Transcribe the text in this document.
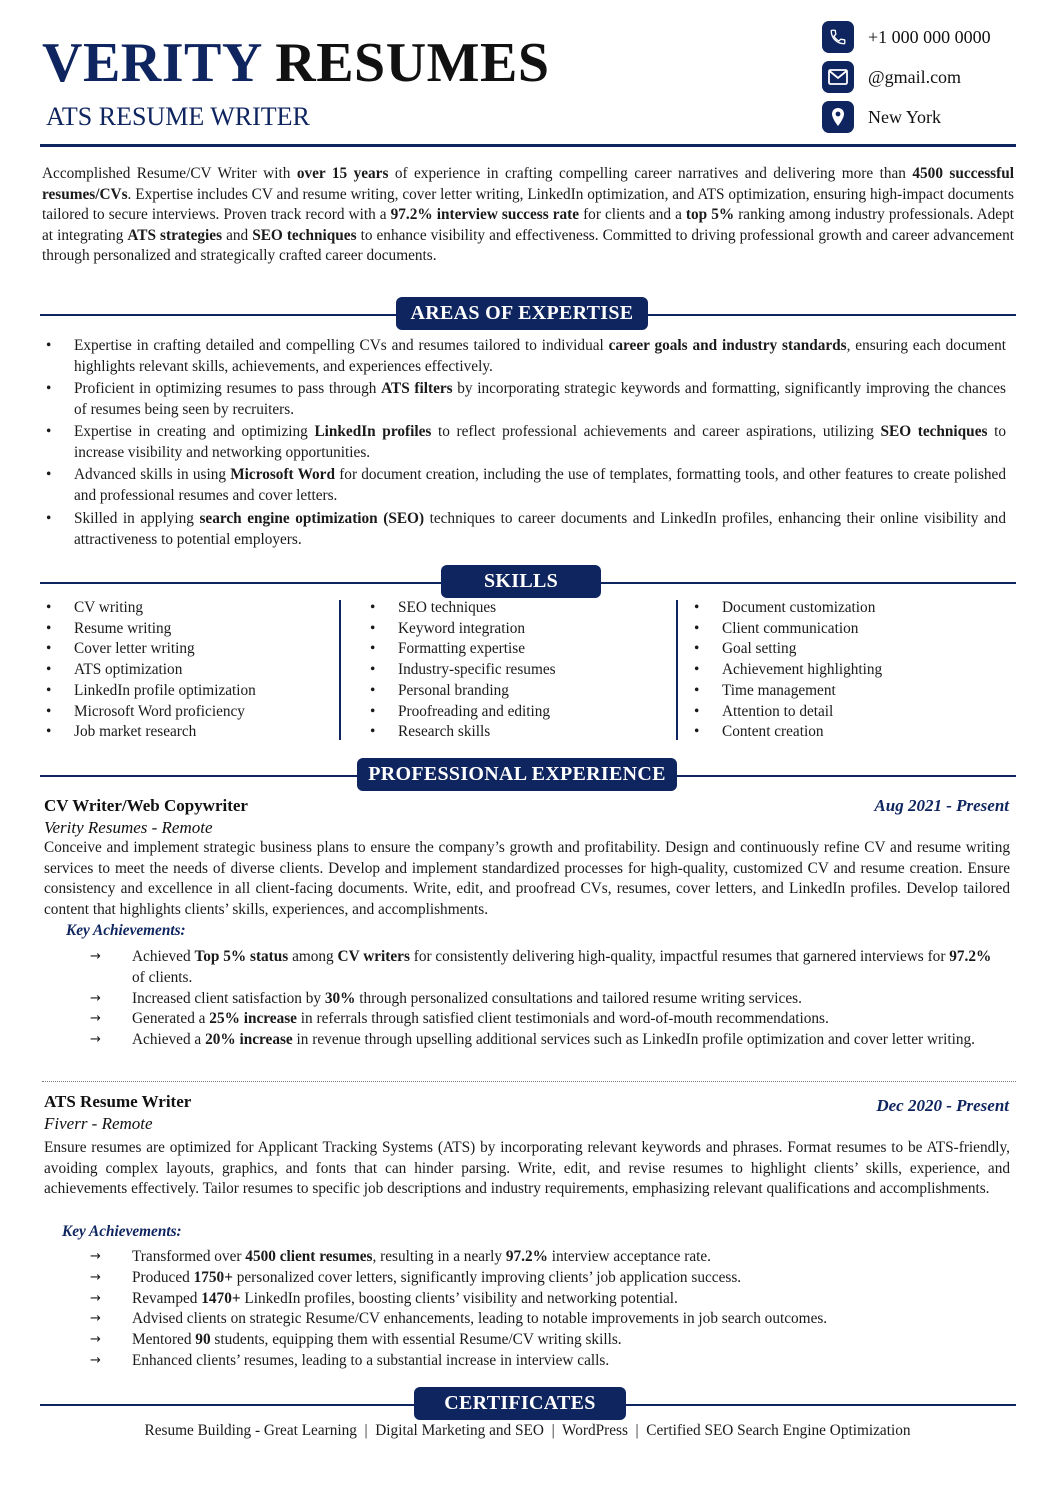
VERITY RESUMES
ATS RESUME WRITER
+1 000 000 0000
@gmail.com
New York
Accomplished Resume/CV Writer with over 15 years of experience in crafting compelling career narratives and delivering more than 4500 successful resumes/CVs. Expertise includes CV and resume writing, cover letter writing, LinkedIn optimization, and ATS optimization, ensuring high-impact documents tailored to secure interviews. Proven track record with a 97.2% interview success rate for clients and a top 5% ranking among industry professionals. Adept at integrating ATS strategies and SEO techniques to enhance visibility and effectiveness. Committed to driving professional growth and career advancement through personalized and strategically crafted career documents.
AREAS OF EXPERTISE
• Expertise in crafting detailed and compelling CVs and resumes tailored to individual career goals and industry standards, ensuring each document highlights relevant skills, achievements, and experiences effectively.
• Proficient in optimizing resumes to pass through ATS filters by incorporating strategic keywords and formatting, significantly improving the chances of resumes being seen by recruiters.
• Expertise in creating and optimizing LinkedIn profiles to reflect professional achievements and career aspirations, utilizing SEO techniques to increase visibility and networking opportunities.
• Advanced skills in using Microsoft Word for document creation, including the use of templates, formatting tools, and other features to create polished and professional resumes and cover letters.
• Skilled in applying search engine optimization (SEO) techniques to career documents and LinkedIn profiles, enhancing their online visibility and attractiveness to potential employers.
SKILLS
• CV writing
• Resume writing
• Cover letter writing
• ATS optimization
• LinkedIn profile optimization
• Microsoft Word proficiency
• Job market research
• SEO techniques
• Keyword integration
• Formatting expertise
• Industry-specific resumes
• Personal branding
• Proofreading and editing
• Research skills
• Document customization
• Client communication
• Goal setting
• Achievement highlighting
• Time management
• Attention to detail
• Content creation
PROFESSIONAL EXPERIENCE
CV Writer/Web Copywriter	Aug 2021 - Present
Verity Resumes - Remote
Conceive and implement strategic business plans to ensure the company’s growth and profitability. Design and continuously refine CV and resume writing services to meet the needs of diverse clients. Develop and implement standardized processes for high-quality, customized CV and resume creation. Ensure consistency and excellence in all client-facing documents. Write, edit, and proofread CVs, resumes, cover letters, and LinkedIn profiles. Develop tailored content that highlights clients’ skills, experiences, and accomplishments.
Key Achievements:
→ Achieved Top 5% status among CV writers for consistently delivering high-quality, impactful resumes that garnered interviews for 97.2% of clients.
→ Increased client satisfaction by 30% through personalized consultations and tailored resume writing services.
→ Generated a 25% increase in referrals through satisfied client testimonials and word-of-mouth recommendations.
→ Achieved a 20% increase in revenue through upselling additional services such as LinkedIn profile optimization and cover letter writing.
ATS Resume Writer	Dec 2020 - Present
Fiverr - Remote
Ensure resumes are optimized for Applicant Tracking Systems (ATS) by incorporating relevant keywords and phrases. Format resumes to be ATS-friendly, avoiding complex layouts, graphics, and fonts that can hinder parsing. Write, edit, and revise resumes to highlight clients’ skills, experience, and achievements effectively. Tailor resumes to specific job descriptions and industry requirements, emphasizing relevant qualifications and accomplishments.
Key Achievements:
→ Transformed over 4500 client resumes, resulting in a nearly 97.2% interview acceptance rate.
→ Produced 1750+ personalized cover letters, significantly improving clients’ job application success.
→ Revamped 1470+ LinkedIn profiles, boosting clients’ visibility and networking potential.
→ Advised clients on strategic Resume/CV enhancements, leading to notable improvements in job search outcomes.
→ Mentored 90 students, equipping them with essential Resume/CV writing skills.
→ Enhanced clients’ resumes, leading to a substantial increase in interview calls.
CERTIFICATES
Resume Building - Great Learning  |  Digital Marketing and SEO  |  WordPress  |  Certified SEO Search Engine Optimization
